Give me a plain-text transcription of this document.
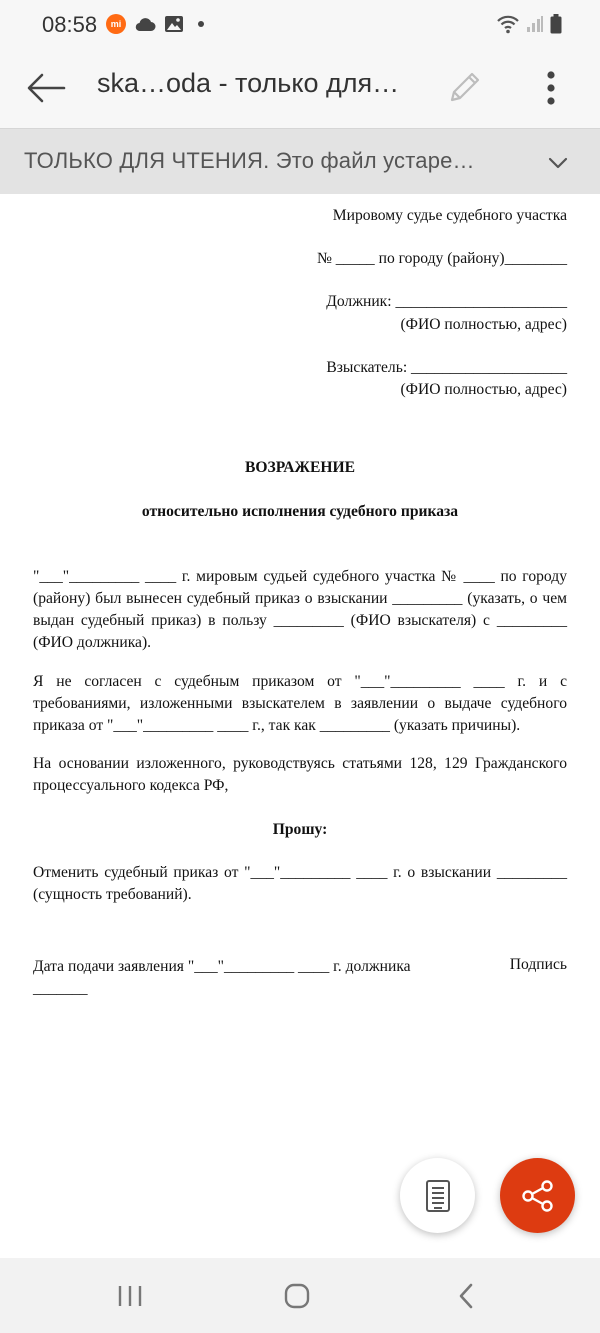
08:58	mi
ska…oda - только для…
ТОЛЬКО ДЛЯ ЧТЕНИЯ. Это файл устаре…
Мировому судье судебного участка
№ _____ по городу (району)________
Должник: ______________________
(ФИО полностью, адрес)
Взыскатель: ____________________
(ФИО полностью, адрес)
ВОЗРАЖЕНИЕ
относительно исполнения судебного приказа
"___"_________ ____ г. мировым судьей судебного участка № ____ по городу (району) был вынесен судебный приказ о взыскании _________ (указать, о чем выдан судебный приказ) в пользу _________ (ФИО взыскателя) с _________ (ФИО должника).
Я не согласен с судебным приказом от "___"_________ ____ г. и с требованиями, изложенными взыскателем в заявлении о выдаче судебного приказа от "___"_________ ____ г., так как _________ (указать причины).
На основании изложенного, руководствуясь статьями 128, 129 Гражданского процессуального кодекса РФ,
Прошу:
Отменить судебный приказ от "___"_________ ____ г. о взыскании _________ (сущность требований).
Дата подачи заявления "___"_________ ____ г. должника _______
Подпись
